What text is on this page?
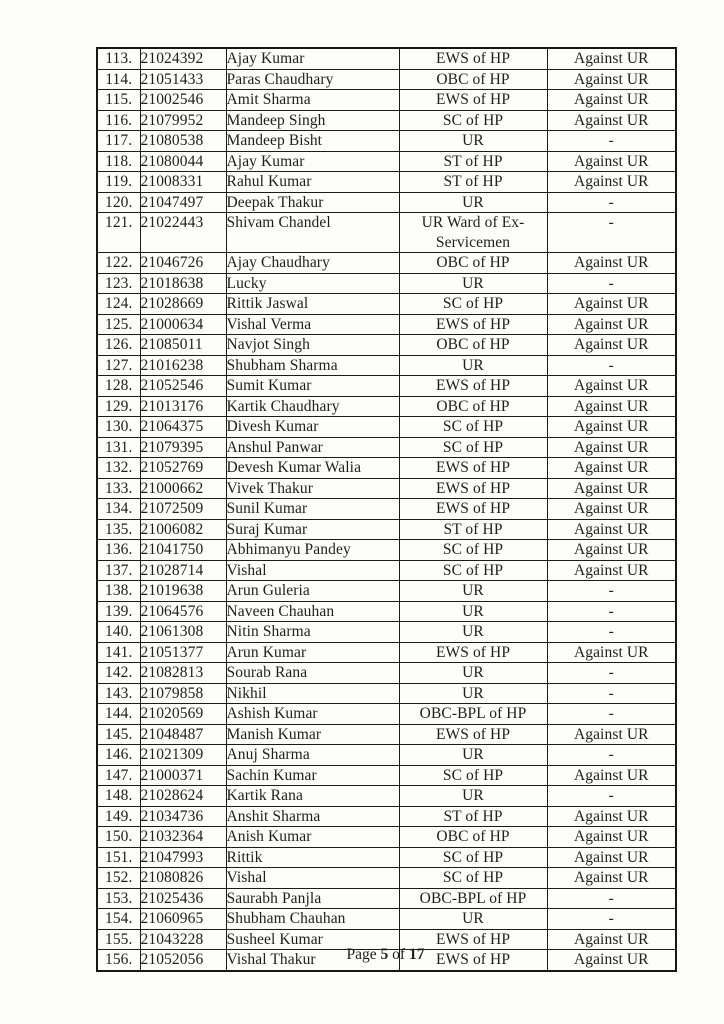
113.	21024392	Ajay Kumar	EWS of HP	Against UR
114.	21051433	Paras Chaudhary	OBC of HP	Against UR
115.	21002546	Amit Sharma	EWS of HP	Against UR
116.	21079952	Mandeep Singh	SC of HP	Against UR
117.	21080538	Mandeep Bisht	UR	-
118.	21080044	Ajay Kumar	ST of HP	Against UR
119.	21008331	Rahul Kumar	ST of HP	Against UR
120.	21047497	Deepak Thakur	UR	-
121.	21022443	Shivam Chandel	UR Ward of Ex-Servicemen	-
122.	21046726	Ajay Chaudhary	OBC of HP	Against UR
123.	21018638	Lucky	UR	-
124.	21028669	Rittik Jaswal	SC of HP	Against UR
125.	21000634	Vishal Verma	EWS of HP	Against UR
126.	21085011	Navjot Singh	OBC of HP	Against UR
127.	21016238	Shubham Sharma	UR	-
128.	21052546	Sumit Kumar	EWS of HP	Against UR
129.	21013176	Kartik Chaudhary	OBC of HP	Against UR
130.	21064375	Divesh Kumar	SC of HP	Against UR
131.	21079395	Anshul Panwar	SC of HP	Against UR
132.	21052769	Devesh Kumar Walia	EWS of HP	Against UR
133.	21000662	Vivek Thakur	EWS of HP	Against UR
134.	21072509	Sunil Kumar	EWS of HP	Against UR
135.	21006082	Suraj Kumar	ST of HP	Against UR
136.	21041750	Abhimanyu Pandey	SC of HP	Against UR
137.	21028714	Vishal	SC of HP	Against UR
138.	21019638	Arun Guleria	UR	-
139.	21064576	Naveen Chauhan	UR	-
140.	21061308	Nitin Sharma	UR	-
141.	21051377	Arun Kumar	EWS of HP	Against UR
142.	21082813	Sourab Rana	UR	-
143.	21079858	Nikhil	UR	-
144.	21020569	Ashish Kumar	OBC-BPL of HP	-
145.	21048487	Manish Kumar	EWS of HP	Against UR
146.	21021309	Anuj Sharma	UR	-
147.	21000371	Sachin Kumar	SC of HP	Against UR
148.	21028624	Kartik Rana	UR	-
149.	21034736	Anshit Sharma	ST of HP	Against UR
150.	21032364	Anish Kumar	OBC of HP	Against UR
151.	21047993	Rittik	SC of HP	Against UR
152.	21080826	Vishal	SC of HP	Against UR
153.	21025436	Saurabh Panjla	OBC-BPL of HP	-
154.	21060965	Shubham Chauhan	UR	-
155.	21043228	Susheel Kumar	EWS of HP	Against UR
156.	21052056	Vishal Thakur	EWS of HP	Against UR
Page 5 of 17
